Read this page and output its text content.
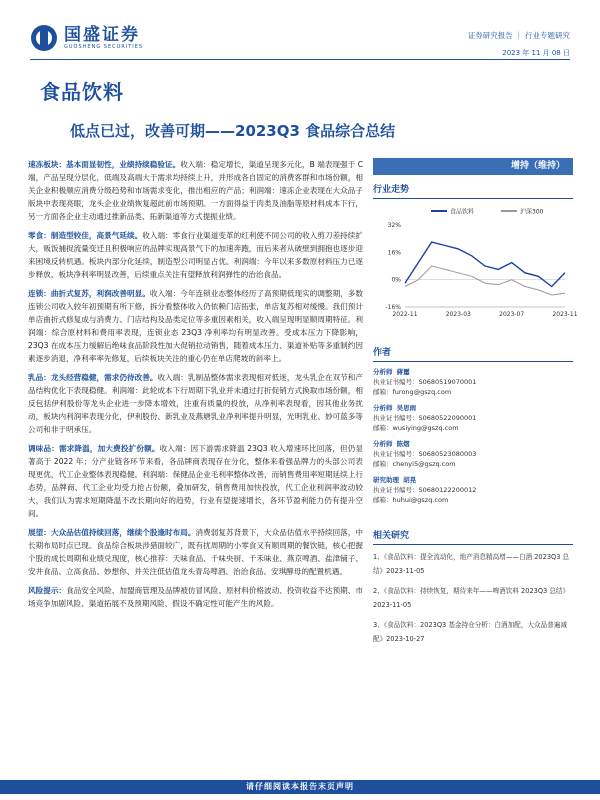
国盛证券
GUOSHENG SECURITIES
证券研究报告 ｜ 行业专题研究
2023 年 11 月 08 日
食品饮料
低点已过，改善可期——2023Q3 食品综合总结
速冻板块：基本面显韧性，业绩持续稳验证。收入端：稳定增长，渠道呈现多元化，B 端表现强于 C 端，产品呈现分层化，低端及高端大于需求均持续上升，并形成各自固定的消费客群和市场份额，相关企业积极顺应消费分级趋势和市场需求变化，推出相应的产品；利润端：速冻企业表现在大众品子版块中表现亮眼，龙头企业业绩恢复超此前市场预期。一方面得益于肉类及油脂等原材料成本下行，另一方面各企业主动通过推新品类、拓新渠道等方式提振业绩。
零食：制造型较佳，高景气延续。收入端：零食行业渠道变革的红利使不同公司的收入剪刀差持续扩大，贩饭捕捉流量变迁且积极响应的品牌实现高景气下的加速奔跑，而后来者从破壁到拥抱也逐步迎来困境反转机遇。板块内部分化延续，制造型公司明显占优。利润端：今年以来多数原材料压力已逐步释放，板块净利率明显改善，后续重点关注有望释放利润弹性的治治食品。
连锁：曲折式复苏，利润改善明显。收入端：今年连锁业态整体经历了高预期低现实的调整期，多数连锁公司收入较年初预期有所下修，拆分看整体收入仍依赖门店拓张，单店复苏相对缓慢。我们预计单店曲折式修复成与消费力、门店结构及品类定位等多重因素相关，收入端呈现明显顺周期特征。利润端：综合原材料和费用率表现，连锁业态 23Q3 净利率均有明显改善。受成本压力下降影响，23Q3 在成本压力缓解后绝味食品阶段性加大促销拉动销售，随着成本压力、渠道补贴等多重制约因素逐步消退，净利率率先修复，后续板块关注的重心仍在单店爬坡的斜率上。
乳品：龙头经营稳健，需求仍待改善。收入端：乳制品整体需求表现相对低迷，龙头乳企在双节和产品结构优化下表现稳健。利润端：此轮成本下行周期下乳业并未通过打折促销方式换取市场份额，相反包括伊利股份等龙头企业进一步降本增效，注重有质量的投放，从净利率表现看，因其他业务扰动，板块内利润率表现分化，伊利股份、新乳业及燕塘乳业净利率提升明显，光明乳业、妙可蓝多等公司和非于明承压。
调味品：需求降温，加大费投扩份额。收入端：因下游需求降温 23Q3 收入增速环比回落，但仍显著高于 2022 年；分产业链各环节来看，各品牌商表现存在分化，整体来看强品牌力的头部公司表现更优，代工企业整体表现稳健。利润端：保健品企业毛利率整体改善，而销售费用率短期延续上行态势，品牌商、代工企业均受力抢占份额，叠加研发，销售费用加快投放，代工企业利润率波动较大，我们认为需求短期降温不改长期向好的趋势，行业有望提速增长，各环节盈利能力仍有提升空间。
展望：大众品估值持续回落，继续个股逢时布局。消费弱复苏背景下，大众品估值水平持续回落，中长期布局时点已现。食品综合板块涉猎面较广，既有扰周期的小零食又有顺周期的餐饮链，核心把握个股的成长周期和业绩兑现度，核心推荐：天味食品、千味央厨、千禾味业、燕京啤酒、盐津铺子、安井食品、立高食品、妙想你、并关注低估值龙头青岛啤酒、治治食品、安琪酵母的配置机遇。
风险提示：食品安全风险、加盟商管理及品牌被仿冒风险、原材料价格波动、投资收益不达预期、市场竞争加剧风险、渠道拓展不及预期风险、假设不确定性可能产生的风险。
增持（维持）
行业走势
食品饮料	沪深300
32%
16%
0%
-16%
2022-11	2023-03	2023-07	2023-11
作者
分析师 蔣璽
执业证书编号：S0680519070001
邮箱：furong@gszq.com
分析师 吴思雨
执业证书编号：S0680522090001
邮箱：wusiying@gszq.com
分析师 陈熠
执业证书编号：S0680523080003
邮箱：chenyi5@gszq.com
研究助理 胡晃
执业证书编号：S0680122200012
邮箱：huhui@gszq.com
相关研究
1、《食品饮料：提全流动化，地产消息精高增——白酒 2023Q3 总结》2023-11-05
2、《食品饮料：持续恢复，期待来年——啤酒饮料 2023Q3 总结》2023-11-05
3、《食品饮料：2023Q3 基金持仓分析：白酒加配，大众品普遍减配》2023-10-27
请仔细阅读本报告末页声明
